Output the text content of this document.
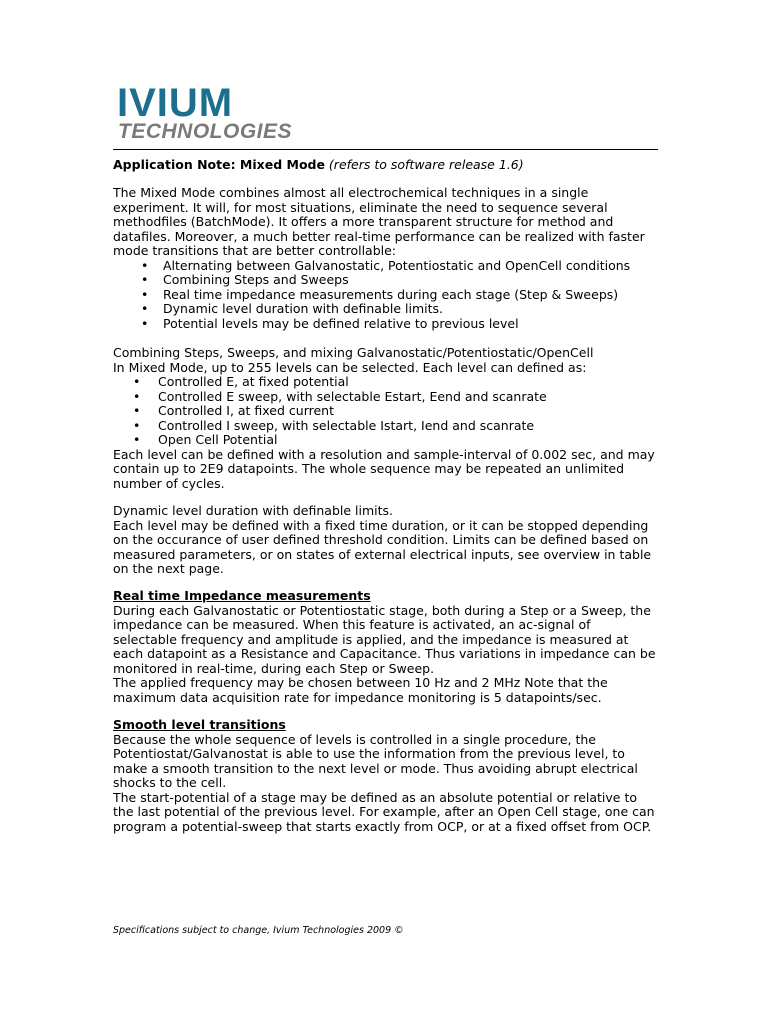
IVIUM
TECHNOLOGIES
Application Note: Mixed Mode (refers to software release 1.6)

The Mixed Mode combines almost all electrochemical techniques in a single experiment. It will, for most situations, eliminate the need to sequence several methodfiles (BatchMode). It offers a more transparent structure for method and datafiles. Moreover, a much better real-time performance can be realized with faster mode transitions that are better controllable:

• Alternating between Galvanostatic, Potentiostatic and OpenCell conditions
• Combining Steps and Sweeps
• Real time impedance measurements during each stage (Step & Sweeps)
• Dynamic level duration with definable limits.
• Potential levels may be defined relative to previous level

Combining Steps, Sweeps, and mixing Galvanostatic/Potentiostatic/OpenCell

In Mixed Mode, up to 255 levels can be selected. Each level can defined as:

• Controlled E, at fixed potential
• Controlled E sweep, with selectable Estart, Eend and scanrate
• Controlled I, at fixed current
• Controlled I sweep, with selectable Istart, Iend and scanrate
• Open Cell Potential

Each level can be defined with a resolution and sample-interval of 0.002 sec, and may contain up to 2E9 datapoints. The whole sequence may be repeated an unlimited number of cycles.

Dynamic level duration with definable limits.

Each level may be defined with a fixed time duration, or it can be stopped depending on the occurance of user defined threshold condition. Limits can be defined based on measured parameters, or on states of external electrical inputs, see overview in table on the next page.

Real time Impedance measurements

During each Galvanostatic or Potentiostatic stage, both during a Step or a Sweep, the impedance can be measured. When this feature is activated, an ac-signal of selectable frequency and amplitude is applied, and the impedance is measured at each datapoint as a Resistance and Capacitance. Thus variations in impedance can be monitored in real-time, during each Step or Sweep.

The applied frequency may be chosen between 10 Hz and 2 MHz Note that the maximum data acquisition rate for impedance monitoring is 5 datapoints/sec.

Smooth level transitions

Because the whole sequence of levels is controlled in a single procedure, the Potentiostat/Galvanostat is able to use the information from the previous level, to make a smooth transition to the next level or mode. Thus avoiding abrupt electrical shocks to the cell.

The start-potential of a stage may be defined as an absolute potential or relative to the last potential of the previous level. For example, after an Open Cell stage, one can program a potential-sweep that starts exactly from OCP, or at a fixed offset from OCP.

Specifications subject to change, Ivium Technologies 2009 ©
